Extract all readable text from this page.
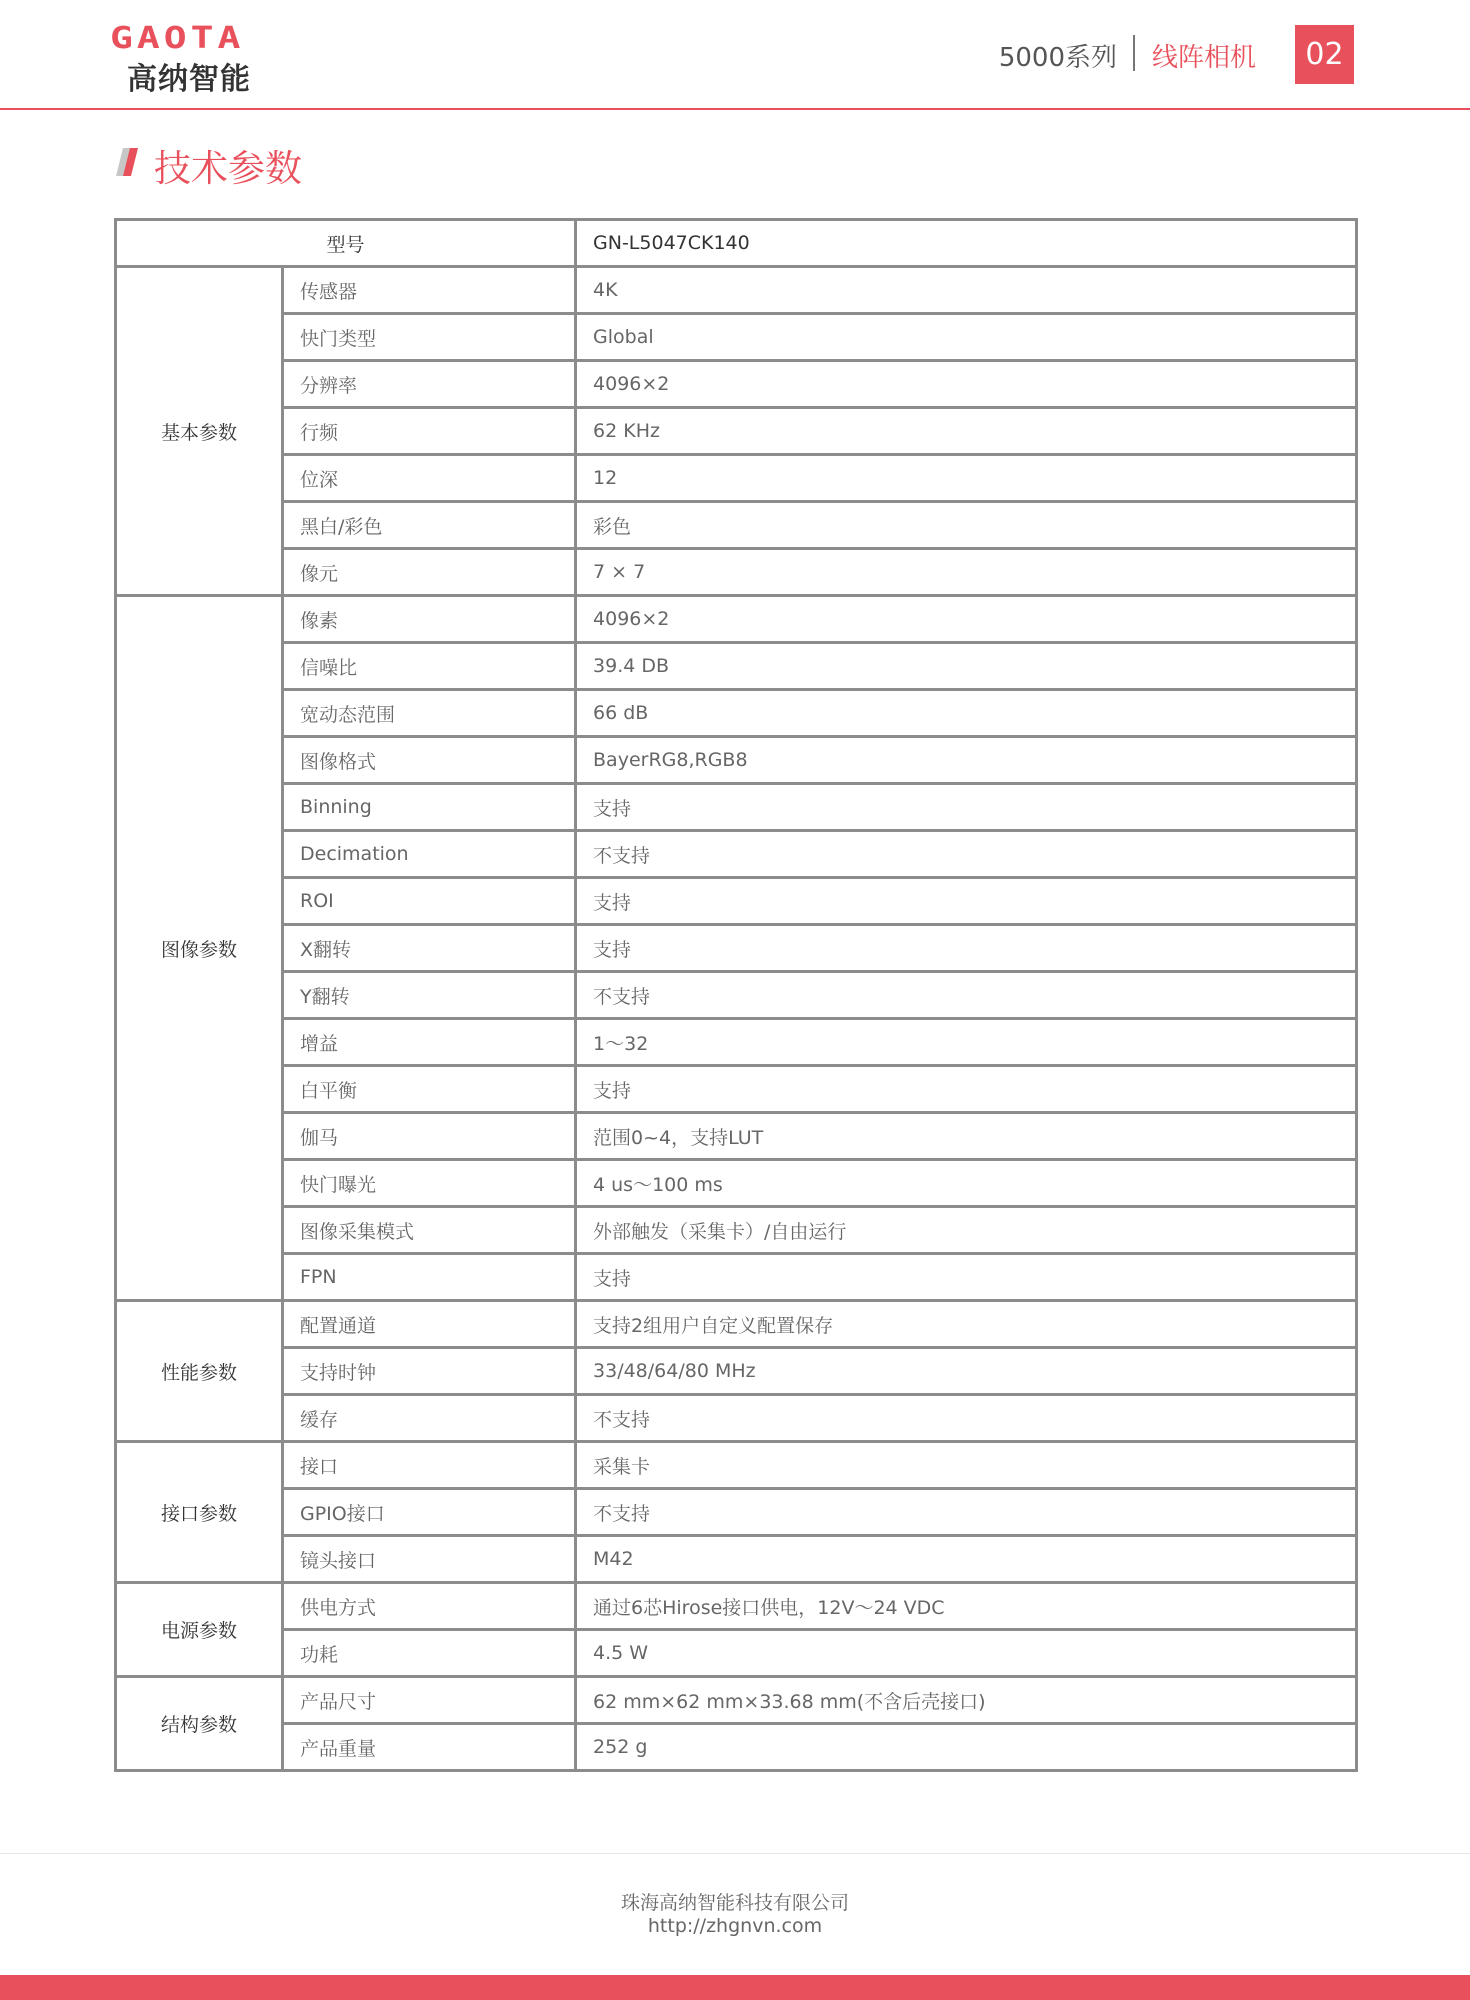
GAOTA
高纳智能
5000系列 线阵相机	02
技术参数
型号		GN-L5047CK140
基本参数	传感器	4K
	快门类型	Global
	分辨率	4096×2
	行频	62 KHz
	位深	12
	黑白/彩色	彩色
	像元	7 × 7
图像参数	像素	4096×2
	信噪比	39.4 DB
	宽动态范围	66 dB
	图像格式	BayerRG8,RGB8
	Binning	支持
	Decimation	不支持
	ROI	支持
	X翻转	支持
	Y翻转	不支持
	增益	1～32
	白平衡	支持
	伽马	范围0~4，支持LUT
	快门曝光	4 us～100 ms
	图像采集模式	外部触发（采集卡）/自由运行
	FPN	支持
性能参数	配置通道	支持2组用户自定义配置保存
	支持时钟	33/48/64/80 MHz
	缓存	不支持
接口参数	接口	采集卡
	GPIO接口	不支持
	镜头接口	M42
电源参数	供电方式	通过6芯Hirose接口供电，12V～24 VDC
	功耗	4.5 W
结构参数	产品尺寸	62 mm×62 mm×33.68 mm(不含后壳接口)
	产品重量	252 g
珠海高纳智能科技有限公司
http://zhgnvn.com
